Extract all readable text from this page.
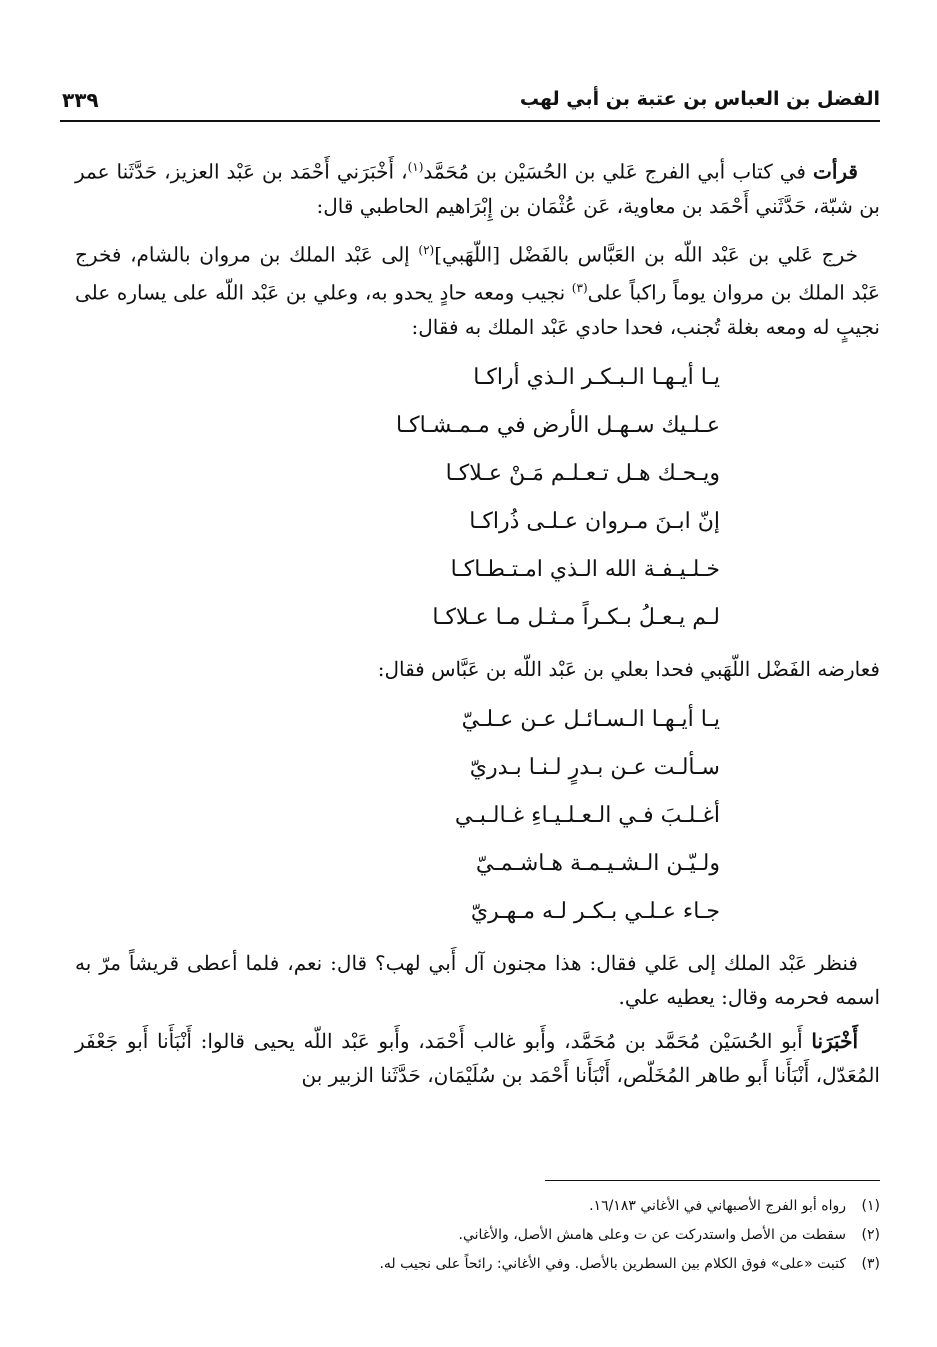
الفضل بن العباس بن عتبة بن أبي لهب
٣٣٩

قرأت في كتاب أبي الفرج عَلي بن الحُسَيْن بن مُحَمَّد$^{(١)}$، أَخْبَرَني أَحْمَد بن عَبْد العزيز، حَدَّثَنا عمر بن شبّة، حَدَّثَني أَحْمَد بن معاوية، عَن عُثْمَان بن إِبْرَاهيم الحاطبي قال:

خرج عَلي بن عَبْد اللّه بن العَبَّاس بالفَضْل [اللّهَبي]$^{(٢)}$ إلى عَبْد الملك بن مروان بالشام، فخرج عَبْد الملك بن مروان يوماً راكباً على$^{(٣)}$ نجيب ومعه حادٍ يحدو به، وعلي بن عَبْد اللّه على يساره على نجيبٍ له ومعه بغلة تُجنب، فحدا حادي عَبْد الملك به فقال:

يـا أيـهـا الـبـكـر الـذي أراكـا
عـلـيك سـهـل الأرض في مـمـشـاكـا
ويـحـك هـل تـعـلـم مَـنْ عـلاكـا
إنّ ابـنَ مـروان عـلـى ذُراكـا
خـلـيـفـة الله الـذي امـتـطـاكـا
لـم يـعـلُ بـكـراً مـثـل مـا عـلاكـا

فعارضه الفَضْل اللّهَبي فحدا بعلي بن عَبْد اللّه بن عَبَّاس فقال:

يـا أيـهـا الـسـائـل عـن عـلـيّ
سـألـت عـن بـدرٍ لـنـا بـدريّ
أغـلـبَ فـي الـعـلـيـاءِ غـالـبـي
ولـيّـن الـشـيـمـة هـاشـمـيّ
جـاء عـلـي بـكـر لـه مـهـريّ

فنظر عَبْد الملك إلى عَلي فقال: هذا مجنون آل أَبي لهب؟ قال: نعم، فلما أعطى قريشاً مرّ به اسمه فحرمه وقال: يعطيه علي.

أَخْبَرَنا أَبو الحُسَيْن مُحَمَّد بن مُحَمَّد، وأَبو غالب أَحْمَد، وأَبو عَبْد اللّه يحيى قالوا: أَنْبَأَنا أَبو جَعْفَر المُعَدّل، أَنْبَأَنا أَبو طاهر المُخَلّص، أَنْبَأَنا أَحْمَد بن سُلَيْمَان، حَدَّثَنا الزبير بن

(١)رواه أبو الفرج الأصبهاني في الأغاني ١٦/١٨٣.
(٢)سقطت من الأصل واستدركت عن ت وعلى هامش الأصل، والأغاني.
(٣)كتبت «على» فوق الكلام بين السطرين بالأصل. وفي الأغاني: رائحاً على نجيب له.
